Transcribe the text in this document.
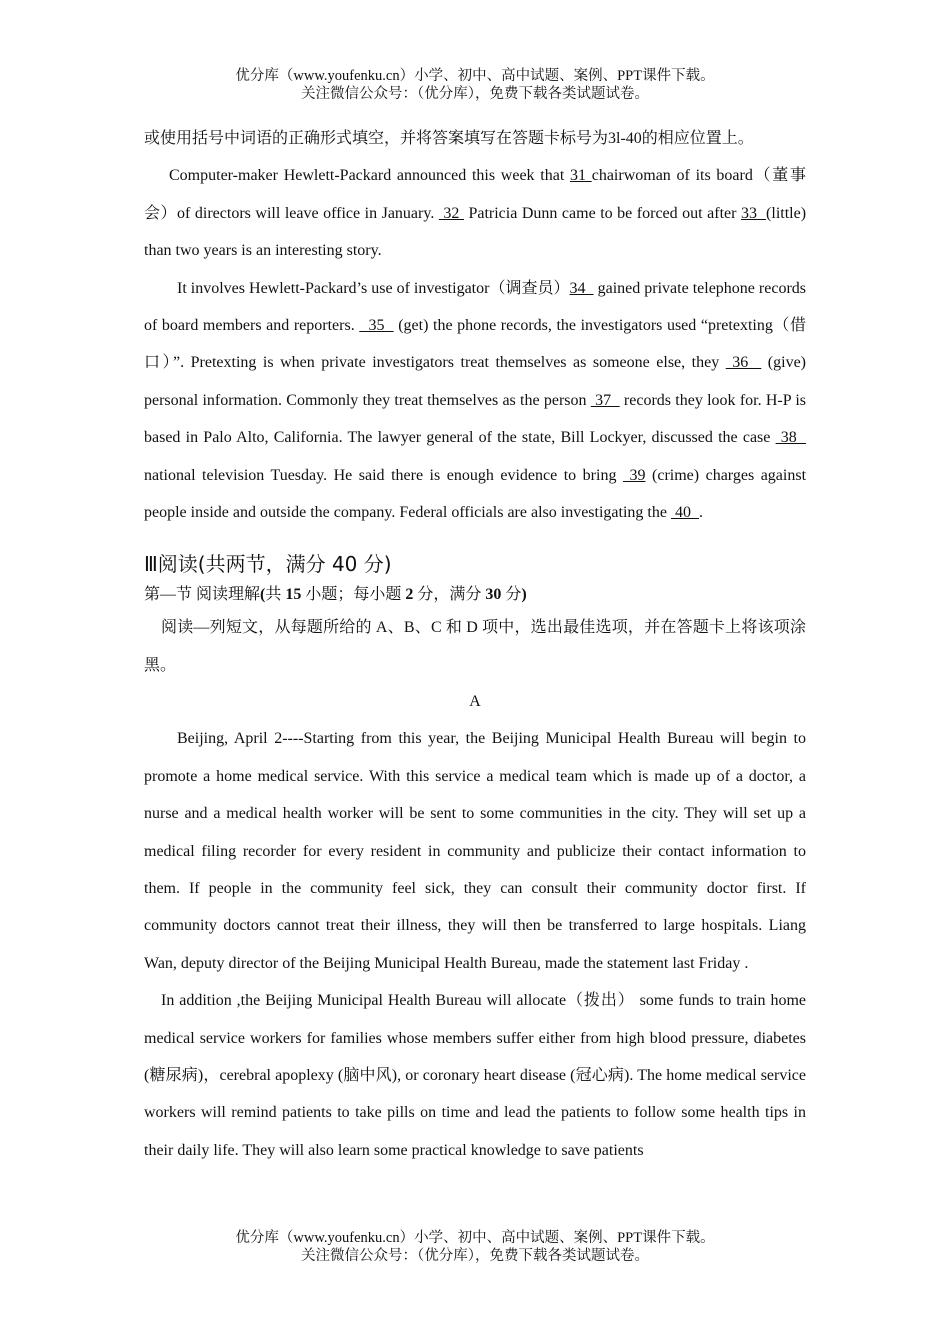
优分库（www.youfenku.cn）小学、初中、高中试题、案例、PPT课件下载。
关注微信公众号：（优分库），免费下载各类试题试卷。

或使用括号中词语的正确形式填空，并将答案填写在答题卡标号为3l-40的相应位置上。

Computer-maker Hewlett-Packard announced this week that 31 chairwoman of its board（董事会）of directors will leave office in January.  32  Patricia Dunn came to be forced out after 33  (little) than two years is an interesting story.

It involves Hewlett-Packard’s use of investigator（调查员）34   gained private telephone records of board members and reporters.   35   (get) the phone records, the investigators used “pretexting（借口）”. Pretexting is when private investigators treat themselves as someone else, they  36   (give) personal information. Commonly they treat themselves as the person  37   records they look for. H-P is based in Palo Alto, California. The lawyer general of the state, Bill Lockyer, discussed the case  38   national television Tuesday. He said there is enough evidence to bring  39 (crime) charges against people inside and outside the company. Federal officials are also investigating the  40  .

Ⅲ阅读(共两节，满分 40 分)
第—节 阅读理解(共 15 小题；每小题 2 分，满分 30 分)

阅读—列短文，从每题所给的 A、B、C 和 D 项中，选出最佳选项，并在答题卡上将该项涂黑。

A

Beijing, April 2----Starting from this year, the Beijing Municipal Health Bureau will begin to promote a home medical service. With this service a medical team which is made up of a doctor, a nurse and a medical health worker will be sent to some communities in the city. They will set up a medical filing recorder for every resident in community and publicize their contact information to them. If people in the community feel sick, they can consult their community doctor first. If community doctors cannot treat their illness, they will then be transferred to large hospitals. Liang Wan, deputy director of the Beijing Municipal Health Bureau, made the statement last Friday .

In addition ,the Beijing Municipal Health Bureau will allocate（拨出） some funds to train home medical service workers for families whose members suffer either from high blood pressure, diabetes (糖尿病)，cerebral apoplexy (脑中风), or coronary heart disease (冠心病). The home medical service workers will remind patients to take pills on time and lead the patients to follow some health tips in their daily life. They will also learn some practical knowledge to save patients

优分库（www.youfenku.cn）小学、初中、高中试题、案例、PPT课件下载。
关注微信公众号：（优分库），免费下载各类试题试卷。
